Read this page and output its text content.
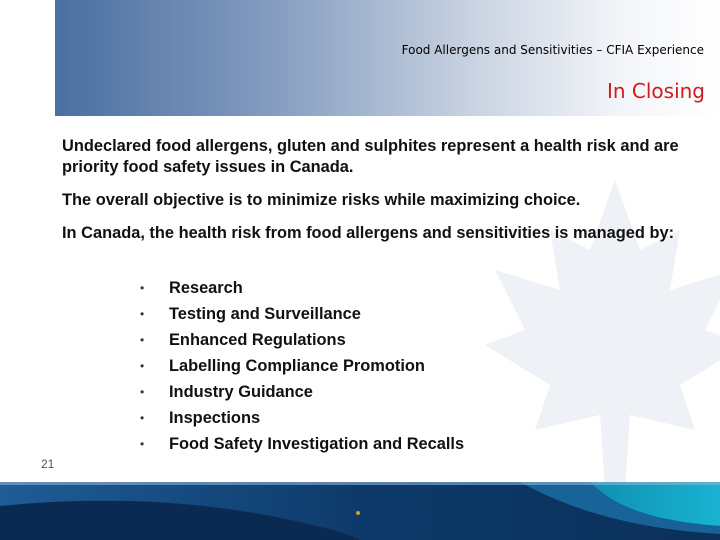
Food Allergens and Sensitivities – CFIA Experience
In Closing

Undeclared food allergens, gluten and sulphites represent a health risk and are priority food safety issues in Canada.

The overall objective is to minimize risks while maximizing choice.

In Canada, the health risk from food allergens and sensitivities is managed by:

•	Research
•	Testing and Surveillance
•	Enhanced Regulations
•	Labelling Compliance Promotion
•	Industry Guidance
•	Inspections
•	Food Safety Investigation and Recalls
21
